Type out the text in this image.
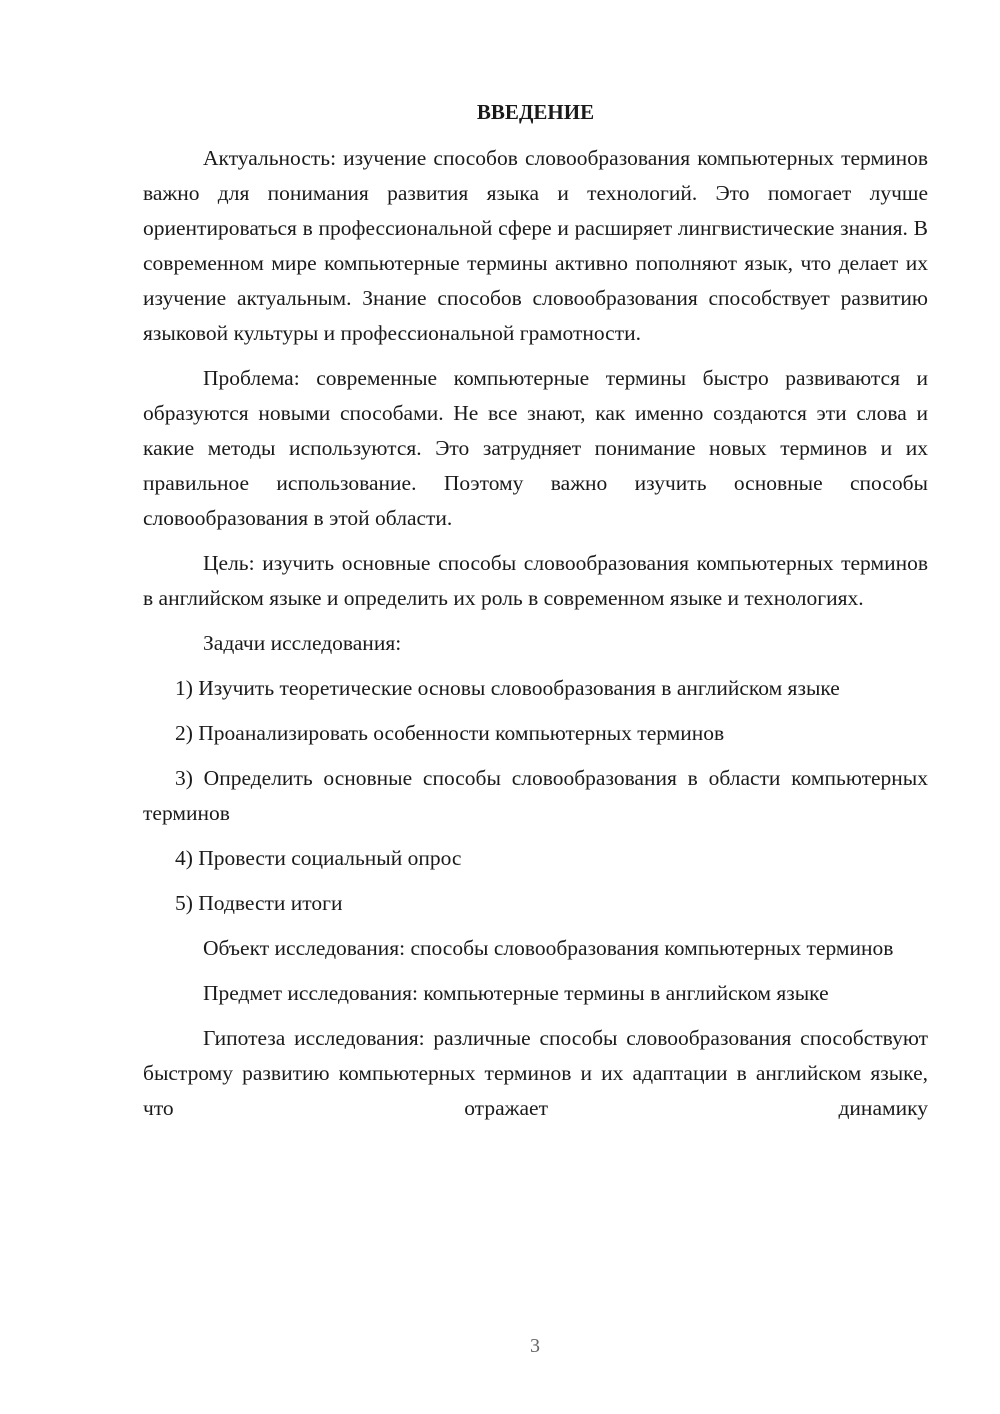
ВВЕДЕНИЕ

Актуальность: изучение способов словообразования компьютерных терминов важно для понимания развития языка и технологий. Это помогает лучше ориентироваться в профессиональной сфере и расширяет лингвистические знания. В современном мире компьютерные термины активно пополняют язык, что делает их изучение актуальным. Знание способов словообразования способствует развитию языковой культуры и профессиональной грамотности.

Проблема: современные компьютерные термины быстро развиваются и образуются новыми способами. Не все знают, как именно создаются эти слова и какие методы используются. Это затрудняет понимание новых терминов и их правильное использование. Поэтому важно изучить основные способы словообразования в этой области.

Цель: изучить основные способы словообразования компьютерных терминов в английском языке и определить их роль в современном языке и технологиях.

Задачи исследования:

1) Изучить теоретические основы словообразования в английском языке

2) Проанализировать особенности компьютерных терминов

3) Определить основные способы словообразования в области компьютерных терминов

4) Провести социальный опрос

5) Подвести итоги

Объект исследования: способы словообразования компьютерных терминов

Предмет исследования: компьютерные термины в английском языке

Гипотеза исследования: различные способы словообразования способствуют быстрому развитию компьютерных терминов и их адаптации в английском языке, что отражает динамику

3
